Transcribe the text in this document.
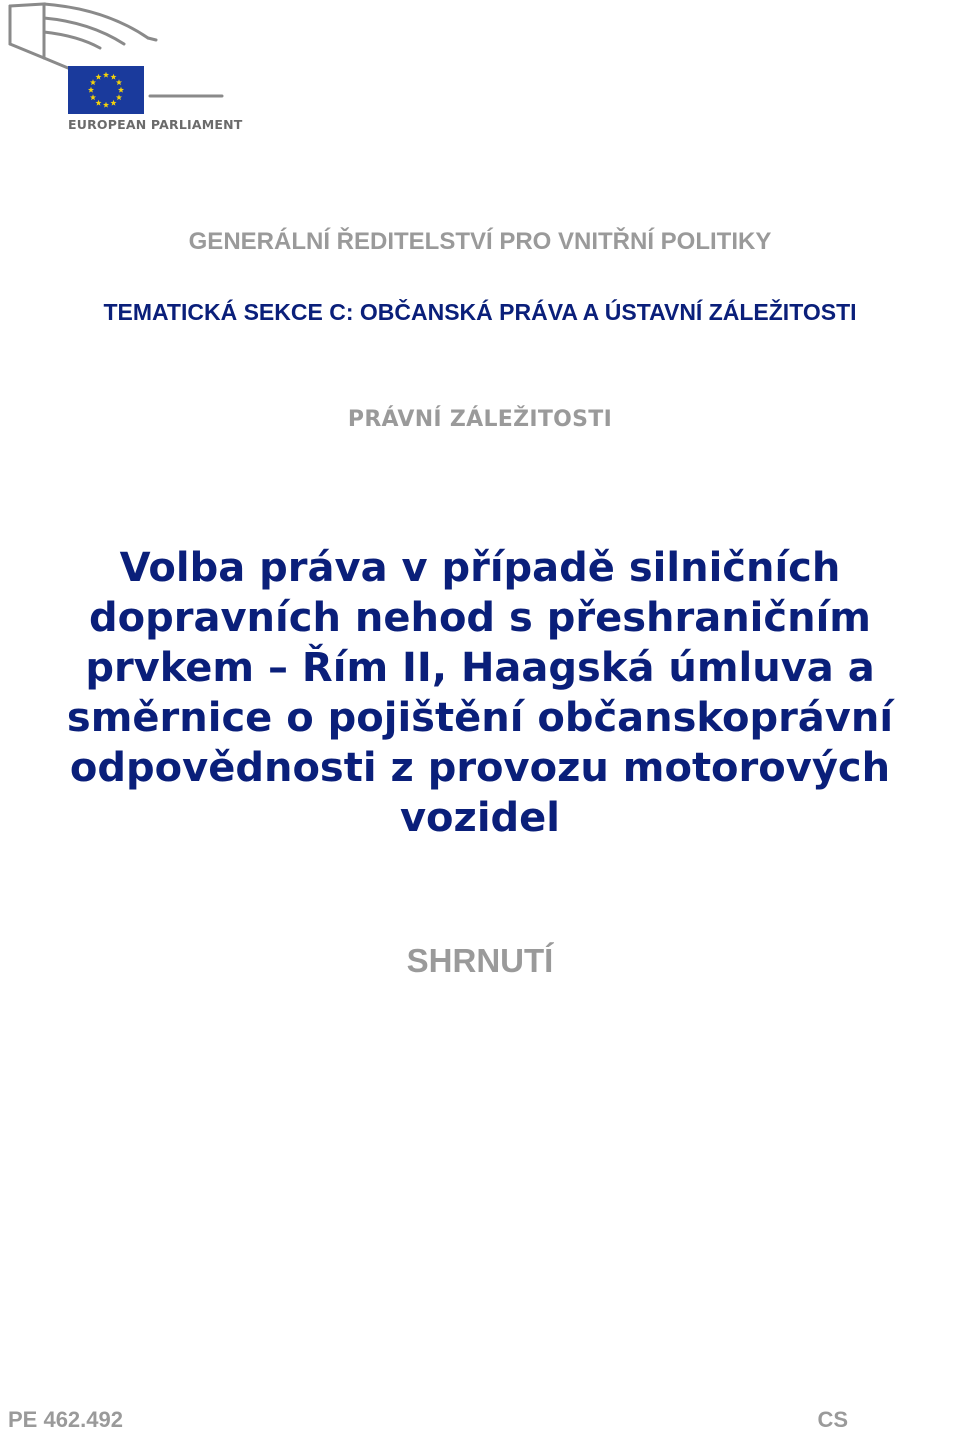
EUROPEAN PARLIAMENT
GENERÁLNÍ ŘEDITELSTVÍ PRO VNITŘNÍ POLITIKY
TEMATICKÁ SEKCE C: OBČANSKÁ PRÁVA A ÚSTAVNÍ ZÁLEŽITOSTI
PRÁVNÍ ZÁLEŽITOSTI
Volba práva v případě silničních
dopravních nehod s přeshraničním
prvkem – Řím II, Haagská úmluva a
směrnice o pojištění občanskoprávní
odpovědnosti z provozu motorových
vozidel
SHRNUTÍ
PE 462.492	CS
